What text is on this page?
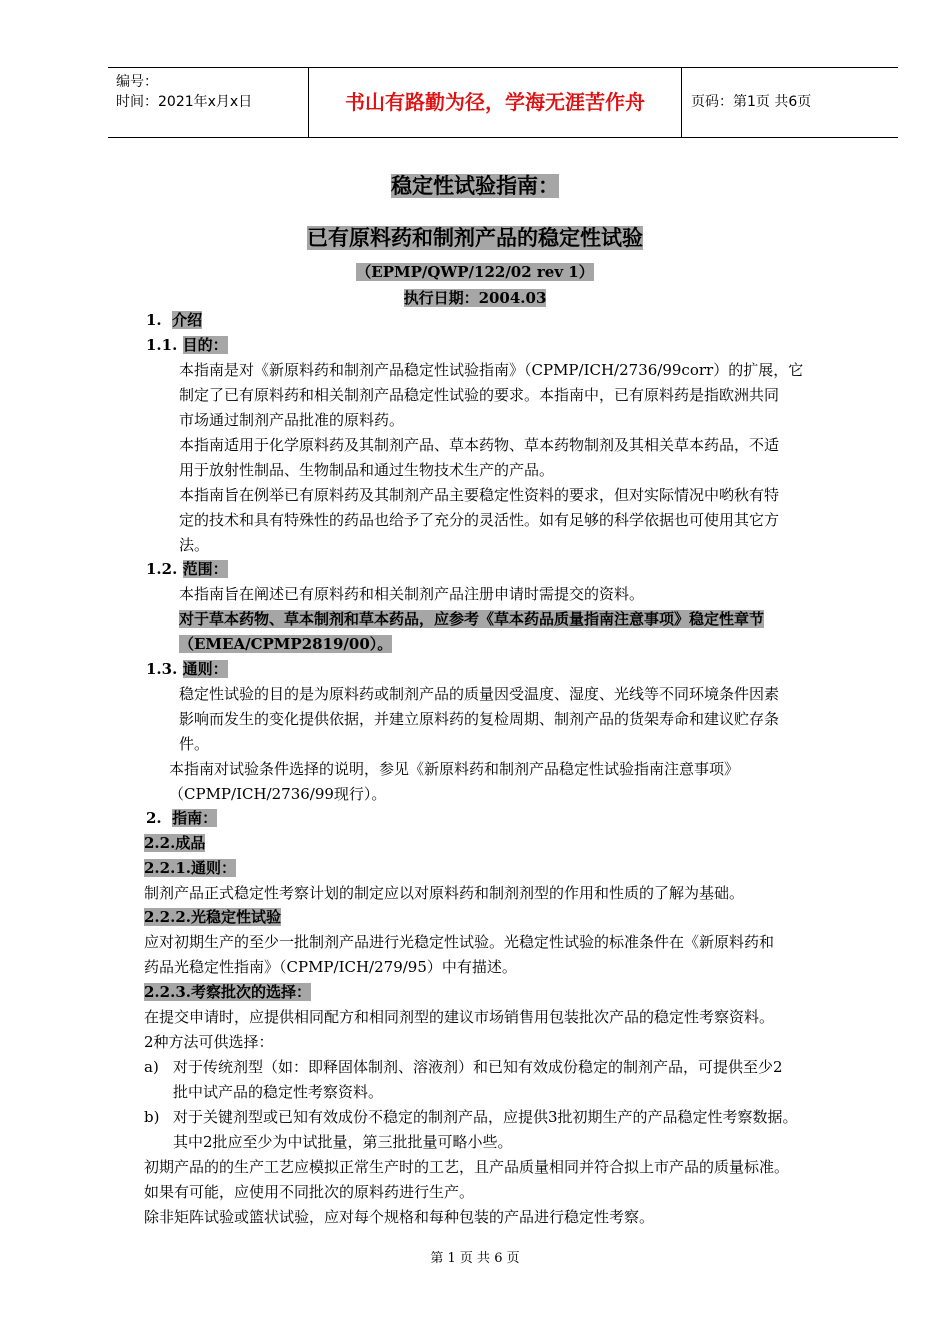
编号：
时间：2021年x月x日	书山有路勤为径，学海无涯苦作舟	页码：第1页 共6页
稳定性试验指南：
已有原料药和制剂产品的稳定性试验
（EPMP/QWP/122/02 rev 1）
执行日期：2004.03
1. 介绍
1.1. 目的：
本指南是对《新原料药和制剂产品稳定性试验指南》（CPMP/ICH/2736/99corr）的扩展，它
制定了已有原料药和相关制剂产品稳定性试验的要求。本指南中，已有原料药是指欧洲共同
市场通过制剂产品批准的原料药。
本指南适用于化学原料药及其制剂产品、草本药物、草本药物制剂及其相关草本药品，不适
用于放射性制品、生物制品和通过生物技术生产的产品。
本指南旨在例举已有原料药及其制剂产品主要稳定性资料的要求，但对实际情况中哟秋有特
定的技术和具有特殊性的药品也给予了充分的灵活性。如有足够的科学依据也可使用其它方
法。
1.2. 范围：
本指南旨在阐述已有原料药和相关制剂产品注册申请时需提交的资料。
对于草本药物、草本制剂和草本药品，应参考《草本药品质量指南注意事项》稳定性章节
（EMEA/CPMP2819/00）。
1.3. 通则：
稳定性试验的目的是为原料药或制剂产品的质量因受温度、湿度、光线等不同环境条件因素
影响而发生的变化提供依据，并建立原料药的复检周期、制剂产品的货架寿命和建议贮存条
件。
本指南对试验条件选择的说明，参见《新原料药和制剂产品稳定性试验指南注意事项》
（CPMP/ICH/2736/99现行）。
2. 指南：
2.2.成品
2.2.1.通则：
制剂产品正式稳定性考察计划的制定应以对原料药和制剂剂型的作用和性质的了解为基础。
2.2.2.光稳定性试验
应对初期生产的至少一批制剂产品进行光稳定性试验。光稳定性试验的标准条件在《新原料药和
药品光稳定性指南》（CPMP/ICH/279/95）中有描述。
2.2.3.考察批次的选择：
在提交申请时，应提供相同配方和相同剂型的建议市场销售用包装批次产品的稳定性考察资料。
2种方法可供选择：
a) 对于传统剂型（如：即释固体制剂、溶液剂）和已知有效成份稳定的制剂产品，可提供至少2
批中试产品的稳定性考察资料。
b) 对于关键剂型或已知有效成份不稳定的制剂产品，应提供3批初期生产的产品稳定性考察数据。
其中2批应至少为中试批量，第三批批量可略小些。
初期产品的的生产工艺应模拟正常生产时的工艺，且产品质量相同并符合拟上市产品的质量标准。
如果有可能，应使用不同批次的原料药进行生产。
除非矩阵试验或篮状试验，应对每个规格和每种包装的产品进行稳定性考察。
第 1 页 共 6 页
